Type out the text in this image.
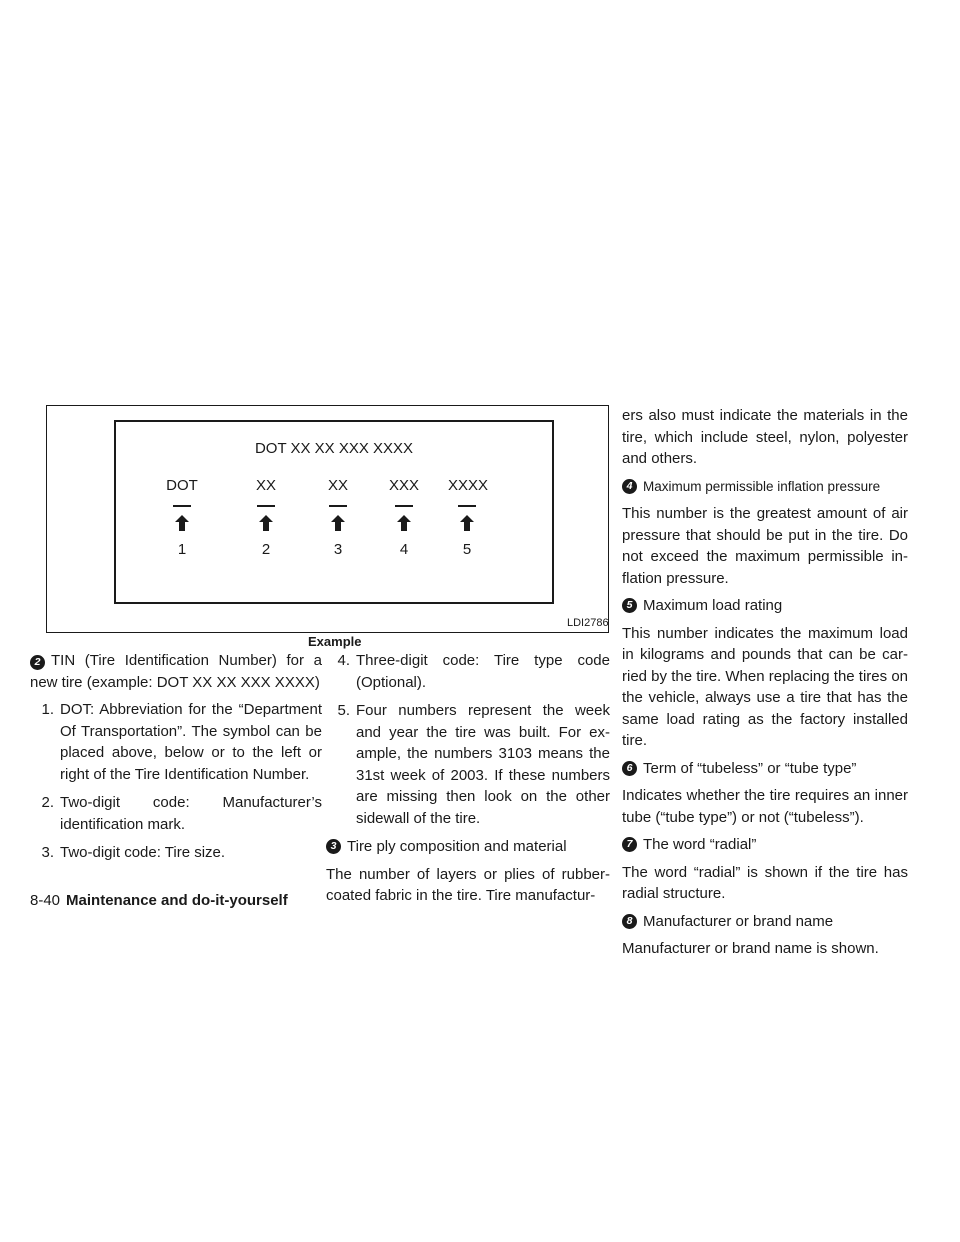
DOT XX XX XXX XXXX
DOT	XX	XX	XXX	XXXX
1	2	3	4	5
LDI2786
Example

2 TIN (Tire Identification Number) for a new tire (example: DOT XX XX XXX XXXX)

1. DOT: Abbreviation for the “Department Of Transportation”. The symbol can be placed above, below or to the left or right of the Tire Identification Number.
2. Two-digit code: Manufacturer’s identification mark.
3. Two-digit code: Tire size.
4. Three-digit code: Tire type code (Optional).
5. Four numbers represent the week and year the tire was built. For example, the numbers 3103 means the 31st week of 2003. If these numbers are missing then look on the other sidewall of the tire.
3 Tire ply composition and material

The number of layers or plies of rubber-coated fabric in the tire. Tire manufactur-

ers also must indicate the materials in the tire, which include steel, nylon, polyester and others.

4 Maximum permissible inflation pressure

This number is the greatest amount of air pressure that should be put in the tire. Do not exceed the maximum permissible inflation pressure.

5 Maximum load rating

This number indicates the maximum load in kilograms and pounds that can be carried by the tire. When replacing the tires on the vehicle, always use a tire that has the same load rating as the factory installed tire.

6 Term of “tubeless” or “tube type”

Indicates whether the tire requires an inner tube (“tube type”) or not (“tubeless”).

7 The word “radial”

The word “radial” is shown if the tire has radial structure.

8 Manufacturer or brand name

Manufacturer or brand name is shown.

8-40 Maintenance and do-it-yourself
